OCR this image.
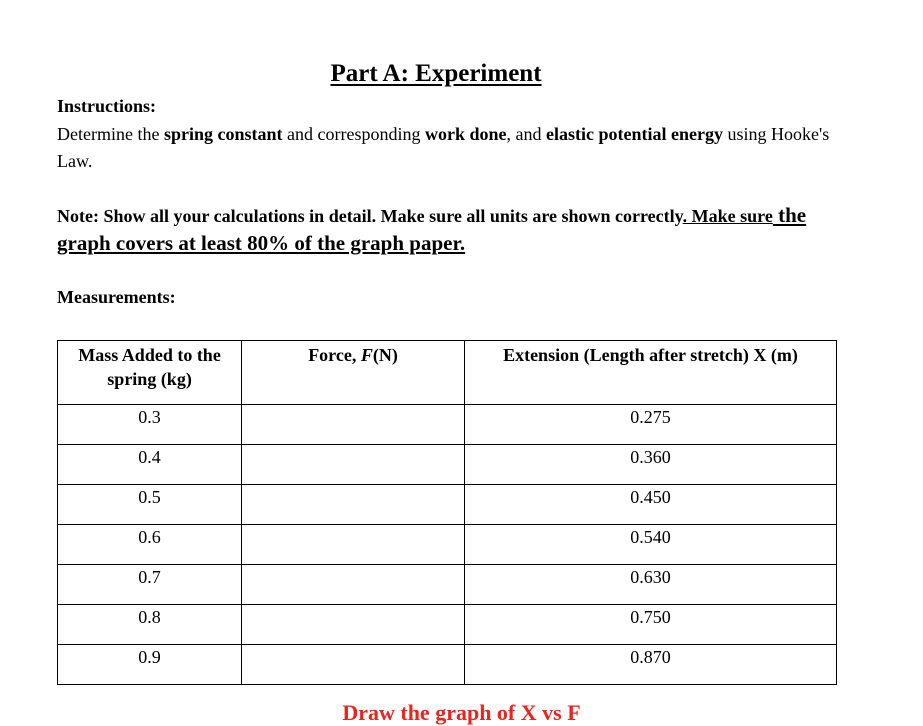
Part A: Experiment
Instructions:
Determine the spring constant and corresponding work done, and elastic potential energy using Hooke's Law.
Note: Show all your calculations in detail. Make sure all units are shown correctly. Make sure the graph covers at least 80% of the graph paper.
Measurements:
Mass Added to the spring (kg)	Force, F(N)	Extension (Length after stretch) X (m)
0.3		0.275
0.4		0.360
0.5		0.450
0.6		0.540
0.7		0.630
0.8		0.750
0.9		0.870
Draw the graph of X vs F
